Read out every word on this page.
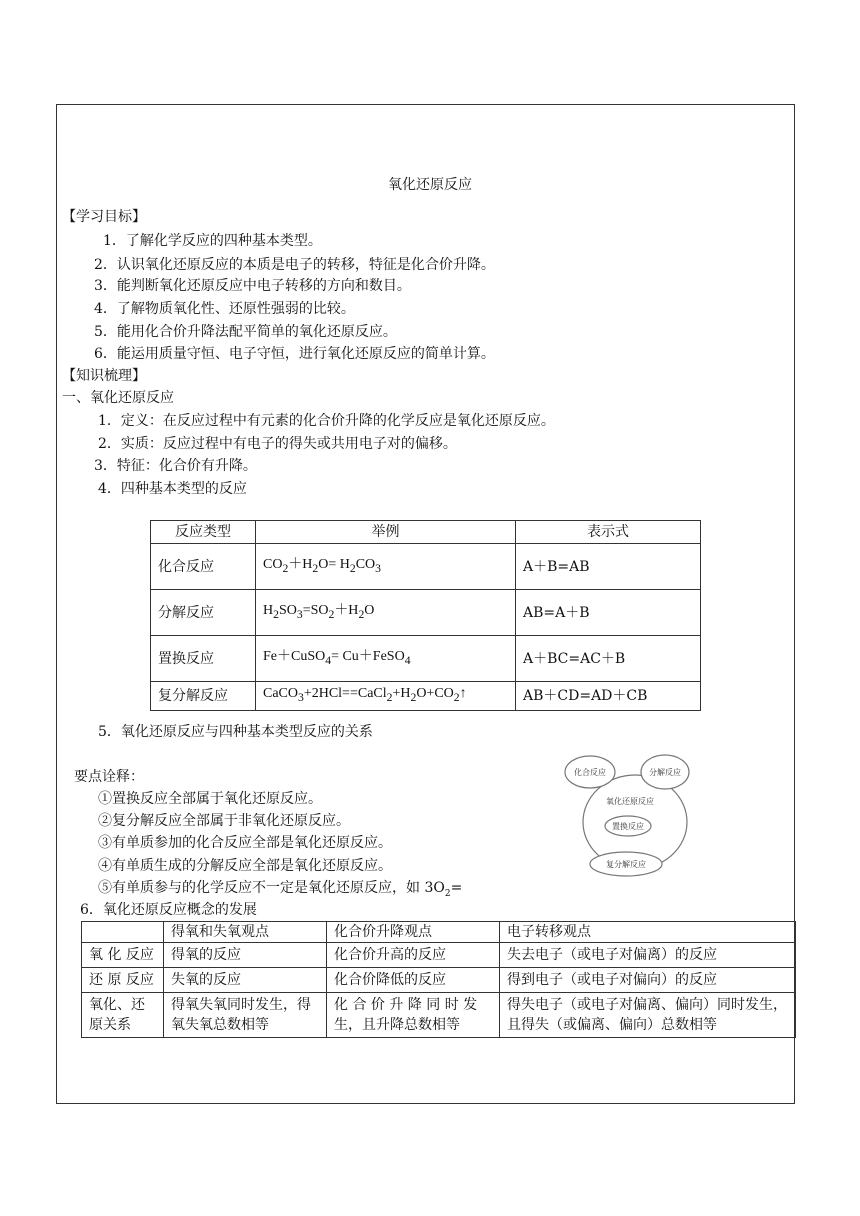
氧化还原反应
【学习目标】
1．了解化学反应的四种基本类型。
2．认识氧化还原反应的本质是电子的转移，特征是化合价升降。
3．能判断氧化还原反应中电子转移的方向和数目。
4．了解物质氧化性、还原性强弱的比较。
5．能用化合价升降法配平简单的氧化还原反应。
6．能运用质量守恒、电子守恒，进行氧化还原反应的简单计算。
【知识梳理】
一、氧化还原反应
1．定义：在反应过程中有元素的化合价升降的化学反应是氧化还原反应。
2．实质：反应过程中有电子的得失或共用电子对的偏移。
3．特征：化合价有升降。
4．四种基本类型的反应
反应类型	举例	表示式
化合反应	$CO_2+H_2O= H_2CO_3$	A＋B=AB
分解反应	$H_2SO_3=SO_2+H_2O$	AB=A＋B
置换反应	Fe＋CuSO$_4$= Cu＋FeSO$_4$	A＋BC=AC＋B
复分解反应	$CaCO_3+2HCl==CaCl_2+H_2O+CO_2↑$	AB＋CD=AD＋CB
5．氧化还原反应与四种基本类型反应的关系
要点诠释：
①置换反应全部属于氧化还原反应。
②复分解反应全部属于非氧化还原反应。
③有单质参加的化合反应全部是氧化还原反应。
④有单质生成的分解反应全部是氧化还原反应。
⑤有单质参与的化学反应不一定是氧化还原反应，如 $3O_2=$
化合反应	分解反应
氧化还原反应
置换反应
复分解反应
6．氧化还原反应概念的发展
	得氧和失氧观点	化合价升降观点	电子转移观点
氧 化 反应	得氧的反应	化合价升高的反应	失去电子（或电子对偏离）的反应
还 原 反应	失氧的反应	化合价降低的反应	得到电子（或电子对偏向）的反应
氧化、还原关系	得氧失氧同时发生，得氧失氧总数相等	化 合 价 升 降 同 时 发生，且升降总数相等	得失电子（或电子对偏离、偏向）同时发生，且得失（或偏离、偏向）总数相等
